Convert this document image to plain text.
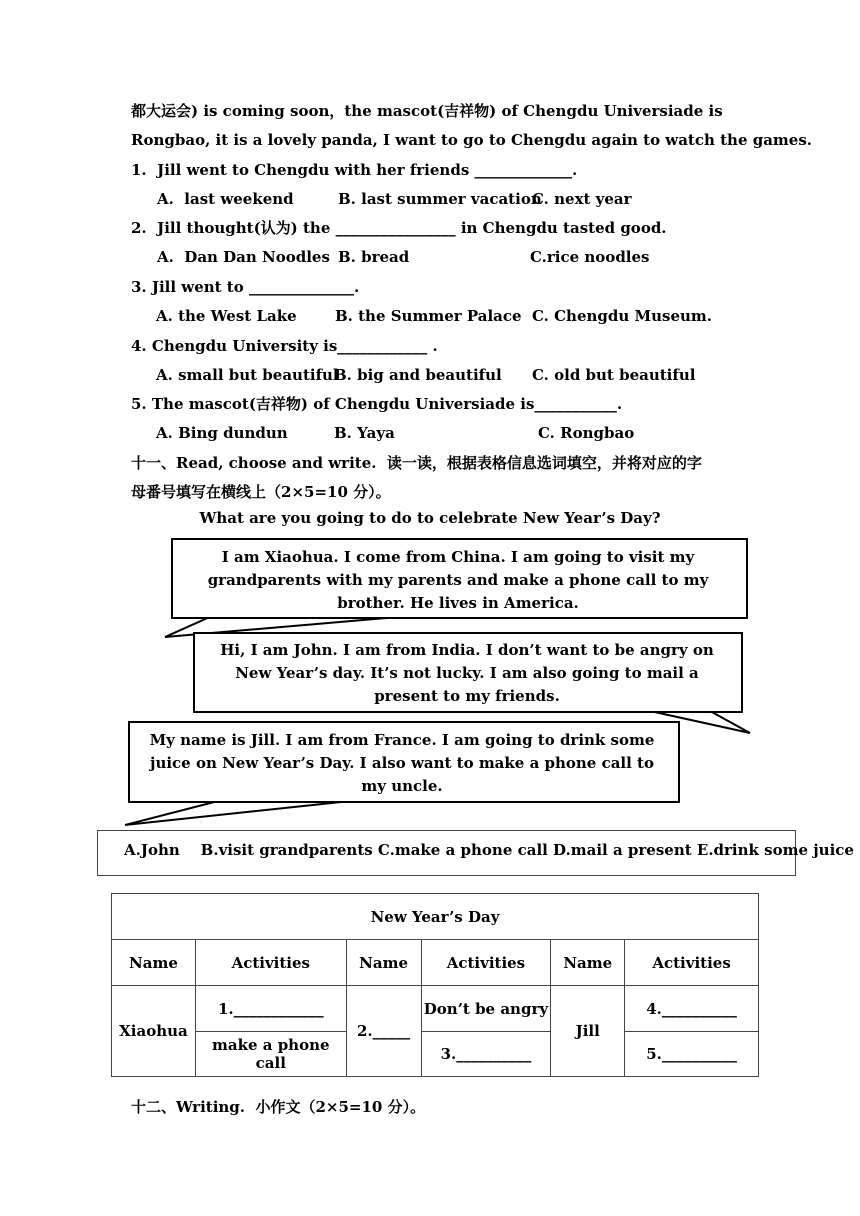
都大运会) is coming soon，the mascot(吉祥物) of Chengdu Universiade is
Rongbao, it is a lovely panda, I want to go to Chengdu again to watch the games.
1.  Jill went to Chengdu with her friends _____________.
A.  last weekend	B. last summer vacation
C. next year
2.  Jill thought(认为) the ________________ in Chengdu tasted good.
A.  Dan Dan Noodles B. bread	C.rice noodles
3. Jill went to ______________.
A. the West Lake	B. the Summer Palace C. Chengdu Museum.
4. Chengdu University is____________ .
A. small but beautiful
B. big and beautiful C. old but beautiful
5. The mascot(吉祥物) of Chengdu Universiade is___________.
A. Bing dundun	B. Yaya	C. Rongbao
十一、Read, choose and write.  读一读，根据表格信息选词填空，并将对应的字
母番号填写在横线上（2×5=10 分）。
What are you going to do to celebrate New Year’s Day?
I am Xiaohua. I come from China. I am going to visit my grandparents with my parents and make a phone call to my brother. He lives in America.
Hi, I am John. I am from India. I don’t want to be angry on New Year’s day. It’s not lucky. I am also going to mail a present to my friends.
My name is Jill. I am from France. I am going to drink some juice on New Year’s Day. I also want to make a phone call to my uncle.
A.John    B.visit grandparents C.make a phone call D.mail a present E.drink some juice
New Year’s Day					
Name	Activities	Name	Activities	Name	Activities
Xiaohua	1.____________	2._____	Don’t be angry	Jill	4.__________
	make a phone call		3.__________		5.__________
十二、Writing.  小作文（2×5=10 分）。
